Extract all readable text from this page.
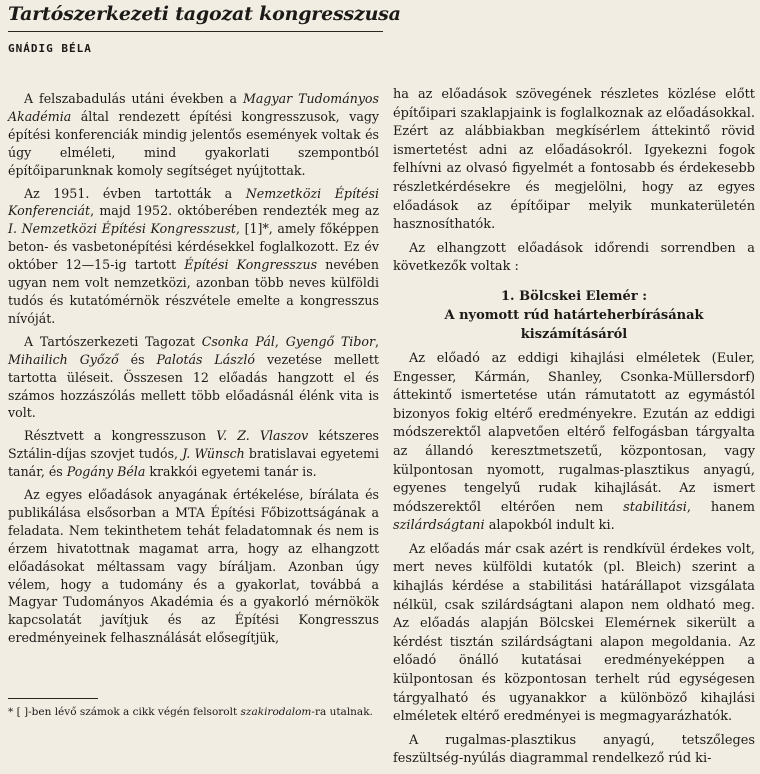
Tartószerkezeti tagozat kongresszusa
GNÁDIG BÉLA

A felszabadulás utáni években a Magyar Tudományos Akadémia által rendezett építési kongresszusok, vagy építési konferenciák mindig jelentős események voltak és úgy elméleti, mind gyakorlati szempontból építőiparunknak komoly segítséget nyújtottak.

Az 1951. évben tartották a Nemzetközi Építési Konferenciát, majd 1952. októberében rendezték meg az I. Nemzetközi Építési Kongresszust, [1]*, amely főképpen beton- és vasbetonépítési kérdésekkel foglalkozott. Ez év október 12—15-ig tartott Építési Kongresszus nevében ugyan nem volt nemzetközi, azonban több neves külföldi tudós és kutatómérnök részvétele emelte a kongresszus nívóját.

A Tartószerkezeti Tagozat Csonka Pál, Gyengő Tibor, Mihailich Győző és Palotás László vezetése mellett tartotta üléseit. Összesen 12 előadás hangzott el és számos hozzászólás mellett több előadásnál élénk vita is volt.

Résztvett a kongresszuson V. Z. Vlaszov kétszeres Sztálin-díjas szovjet tudós, J. Wünsch bratislavai egyetemi tanár, és Pogány Béla krakkói egyetemi tanár is.

Az egyes előadások anyagának értékelése, bírálata és publikálása elsősorban a MTA Építési Főbizottságának a feladata. Nem tekinthetem tehát feladatomnak és nem is érzem hivatottnak magamat arra, hogy az elhangzott előadásokat méltassam vagy bíráljam. Azonban úgy vélem, hogy a tudomány és a gyakorlat, továbbá a Magyar Tudományos Akadémia és a gyakorló mérnökök kapcsolatát javítjuk és az Építési Kongresszus eredményeinek felhasználását elősegítjük,

* [ ]-ben lévő számok a cikk végén felsorolt szakirodalom-ra utalnak.

ha az előadások szövegének részletes közlése előtt építőipari szaklapjaink is foglalkoznak az előadásokkal. Ezért az alábbiakban megkísérlem áttekintő rövid ismertetést adni az előadásokról. Igyekezni fogok felhívni az olvasó figyelmét a fontosabb és érdekesebb részletkérdésekre és megjelölni, hogy az egyes előadások az építőipar melyik munkaterületén hasznosíthatók.

Az elhangzott előadások időrendi sorrendben a következők voltak :

1. Bölcskei Elemér :
A nyomott rúd határteherbírásának
kiszámításáról

Az előadó az eddigi kihajlási elméletek (Euler, Engesser, Kármán, Shanley, Csonka-Müllersdorf) áttekintő ismertetése után rámutatott az egymástól bizonyos fokig eltérő eredményekre. Ezután az eddigi módszerektől alapvetően eltérő felfogásban tárgyalta az állandó keresztmetszetű, központosan, vagy külpontosan nyomott, rugalmas-plasztikus anyagú, egyenes tengelyű rudak kihajlását. Az ismert módszerektől eltérően nem stabilitási, hanem szilárdságtani alapokból indult ki.

Az előadás már csak azért is rendkívül érdekes volt, mert neves külföldi kutatók (pl. Bleich) szerint a kihajlás kérdése a stabilitási határállapot vizsgálata nélkül, csak szilárdságtani alapon nem oldható meg. Az előadás alapján Bölcskei Elemérnek sikerült a kérdést tisztán szilárdságtani alapon megoldania. Az előadó önálló kutatásai eredményeképpen a külpontosan és központosan terhelt rúd egységesen tárgyalható és ugyanakkor a különböző kihajlási elméletek eltérő eredményei is megmagyarázhatók.

A rugalmas-plasztikus anyagú, tetszőleges feszültség-nyúlás diagrammal rendelkező rúd ki-
